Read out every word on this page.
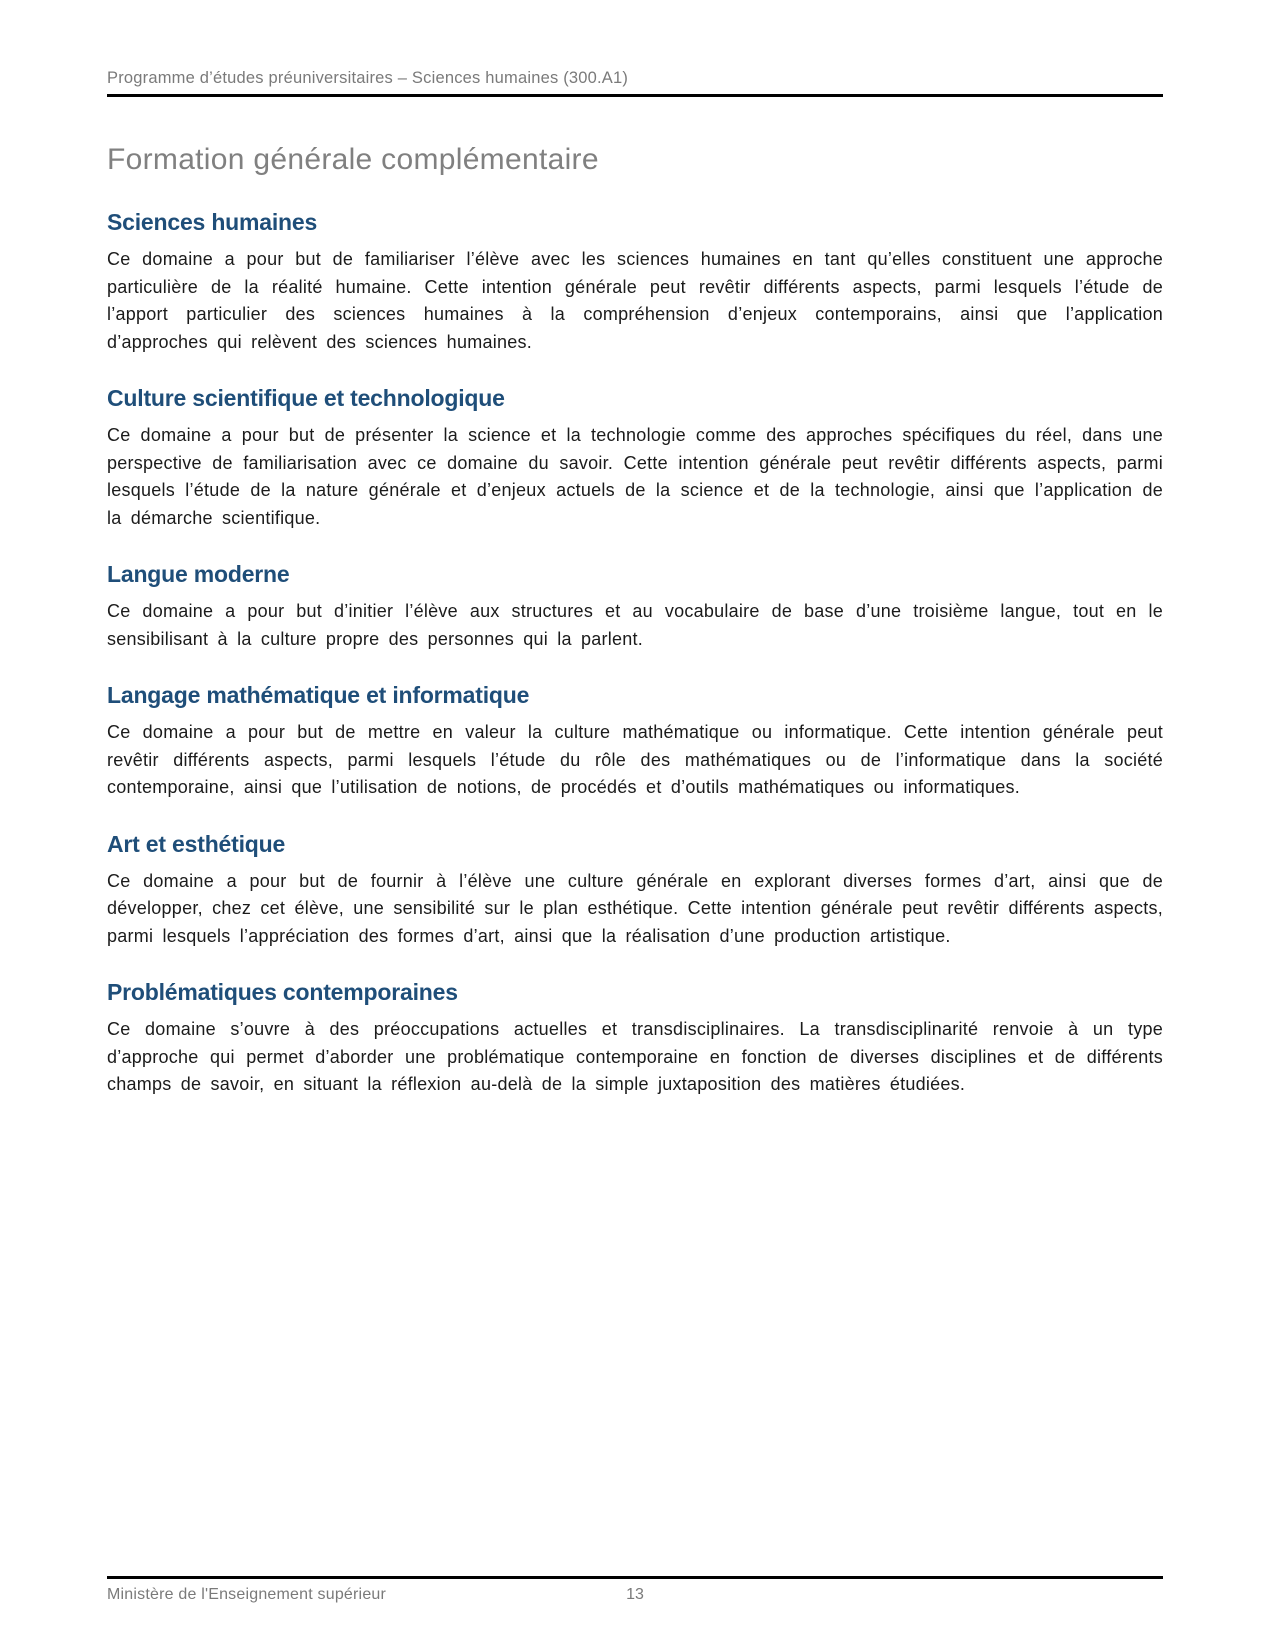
Programme d’études préuniversitaires – Sciences humaines (300.A1)
Formation générale complémentaire
Sciences humaines

Ce domaine a pour but de familiariser l’élève avec les sciences humaines en tant qu’elles constituent une approche particulière de la réalité humaine. Cette intention générale peut revêtir différents aspects, parmi lesquels l’étude de l’apport particulier des sciences humaines à la compréhension d’enjeux contemporains, ainsi que l’application d’approches qui relèvent des sciences humaines.

Culture scientifique et technologique

Ce domaine a pour but de présenter la science et la technologie comme des approches spécifiques du réel, dans une perspective de familiarisation avec ce domaine du savoir. Cette intention générale peut revêtir différents aspects, parmi lesquels l’étude de la nature générale et d’enjeux actuels de la science et de la technologie, ainsi que l’application de la démarche scientifique.

Langue moderne

Ce domaine a pour but d’initier l’élève aux structures et au vocabulaire de base d’une troisième langue, tout en le sensibilisant à la culture propre des personnes qui la parlent.

Langage mathématique et informatique

Ce domaine a pour but de mettre en valeur la culture mathématique ou informatique. Cette intention générale peut revêtir différents aspects, parmi lesquels l’étude du rôle des mathématiques ou de l’informatique dans la société contemporaine, ainsi que l’utilisation de notions, de procédés et d’outils mathématiques ou informatiques.

Art et esthétique

Ce domaine a pour but de fournir à l’élève une culture générale en explorant diverses formes d’art, ainsi que de développer, chez cet élève, une sensibilité sur le plan esthétique. Cette intention générale peut revêtir différents aspects, parmi lesquels l’appréciation des formes d’art, ainsi que la réalisation d’une production artistique.

Problématiques contemporaines

Ce domaine s’ouvre à des préoccupations actuelles et transdisciplinaires. La transdisciplinarité renvoie à un type d’approche qui permet d’aborder une problématique contemporaine en fonction de diverses disciplines et de différents champs de savoir, en situant la réflexion au-delà de la simple juxtaposition des matières étudiées.

Ministère de l'Enseignement supérieur	13
